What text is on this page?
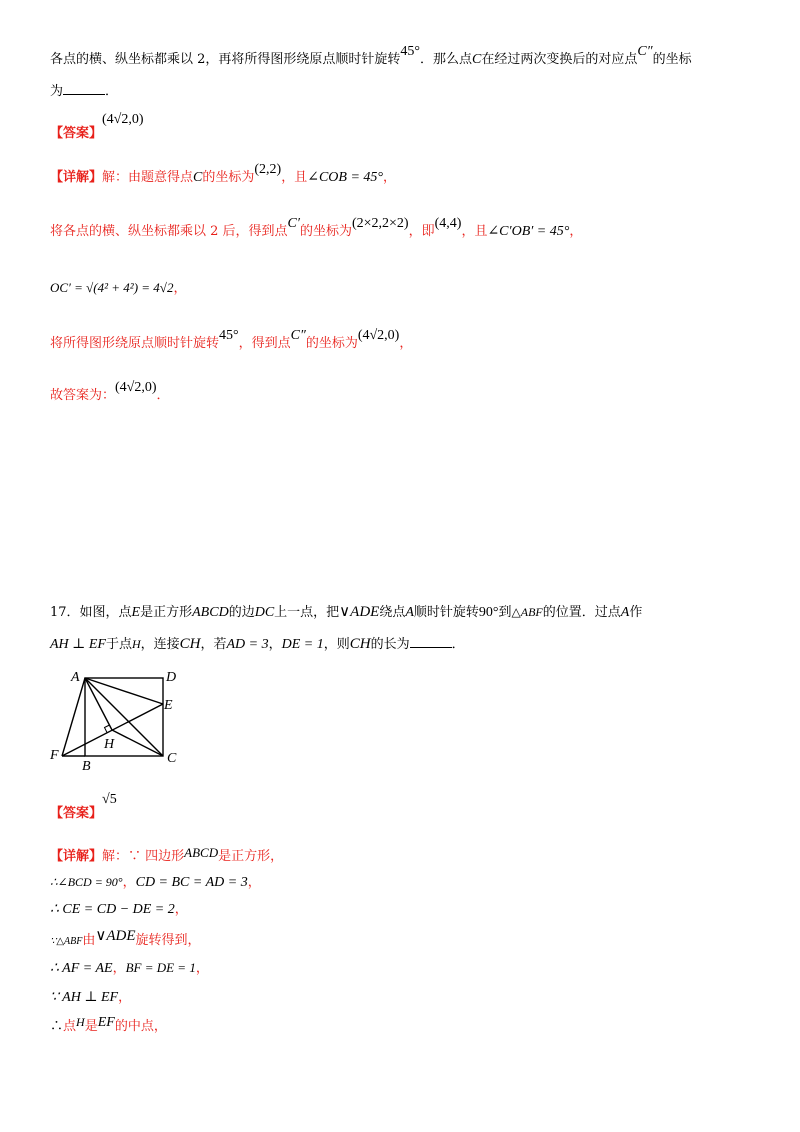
各点的横、纵坐标都乘以 2，再将所得图形绕原点顺时针旋转45°．那么点C在经过两次变换后的对应点C″的坐标
为	．
【答案】(4√2,0)
【详解】解：由题意得点C的坐标为(2,2)，且∠COB = 45°，
将各点的横、纵坐标都乘以 2 后，得到点C′的坐标为(2×2,2×2)，即(4,4)，且∠C′OB′ = 45°，
OC′ = √(4² + 4²) = 4√2，
将所得图形绕原点顺时针旋转45°，得到点C″的坐标为(4√2,0)，
故答案为：(4√2,0)．
17．如图，点E是正方形ABCD的边DC上一点，把∨ADE绕点A顺时针旋转90°到△ABF的位置．过点A作
AH ⊥ EF于点H，连接CH，若AD = 3，DE = 1，则CH的长为	．
A	D
E
F
B
C
H
【答案】√5
【详解】解：∵ 四边形ABCD是正方形，
∴∠BCD = 90°，CD = BC = AD = 3，
∴ CE = CD − DE = 2，
∵△ABF由∨ADE旋转得到，
∴ AF = AE，BF = DE = 1，
∵ AH ⊥ EF，
∴点H是EF的中点，
